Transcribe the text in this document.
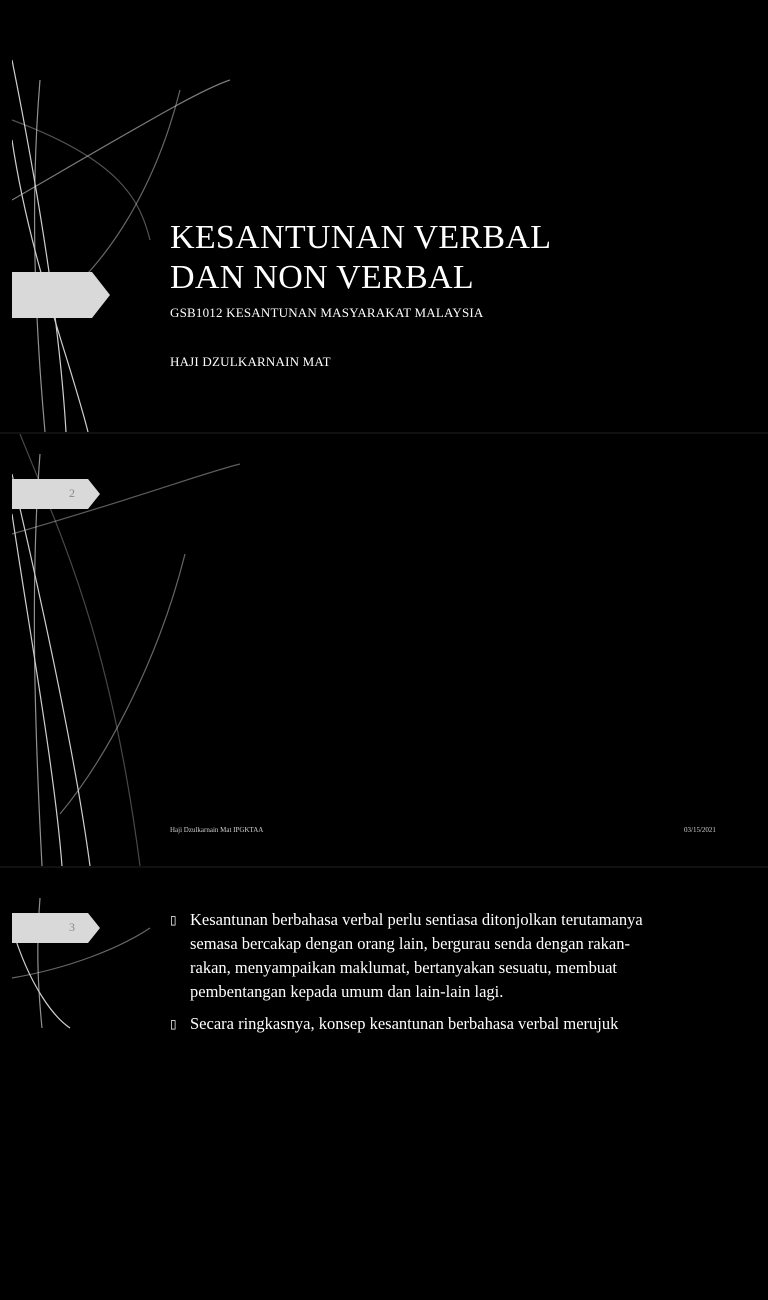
KESANTUNAN VERBAL
DAN NON VERBAL
GSB1012 KESANTUNAN MASYARAKAT MALAYSIA
HAJI DZULKARNAIN MAT
2
Haji Dzulkarnain Mat IPGKTAA	03/15/2021
3	▯ Kesantunan berbahasa verbal perlu sentiasa ditonjolkan terutamanya
semasa bercakap dengan orang lain, bergurau senda dengan rakan-
rakan, menyampaikan maklumat, bertanyakan sesuatu, membuat
pembentangan kepada umum dan lain-lain lagi.
▯ Secara ringkasnya, konsep kesantunan berbahasa verbal merujuk
